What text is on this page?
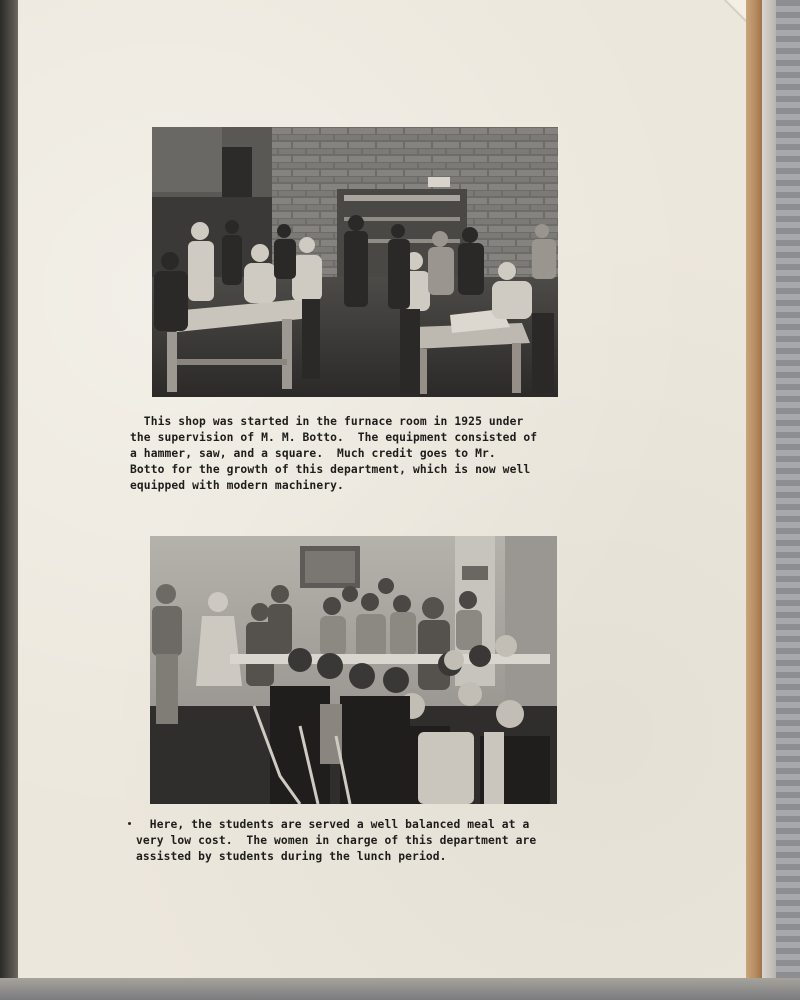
This shop was started in the furnace room in 1925 under
the supervision of M. M. Botto.  The equipment consisted of
a hammer, saw, and a square.  Much credit goes to Mr.
Botto for the growth of this department, which is now well
equipped with modern machinery.

Here, the students are served a well balanced meal at a
very low cost.  The women in charge of this department are
assisted by students during the lunch period.
